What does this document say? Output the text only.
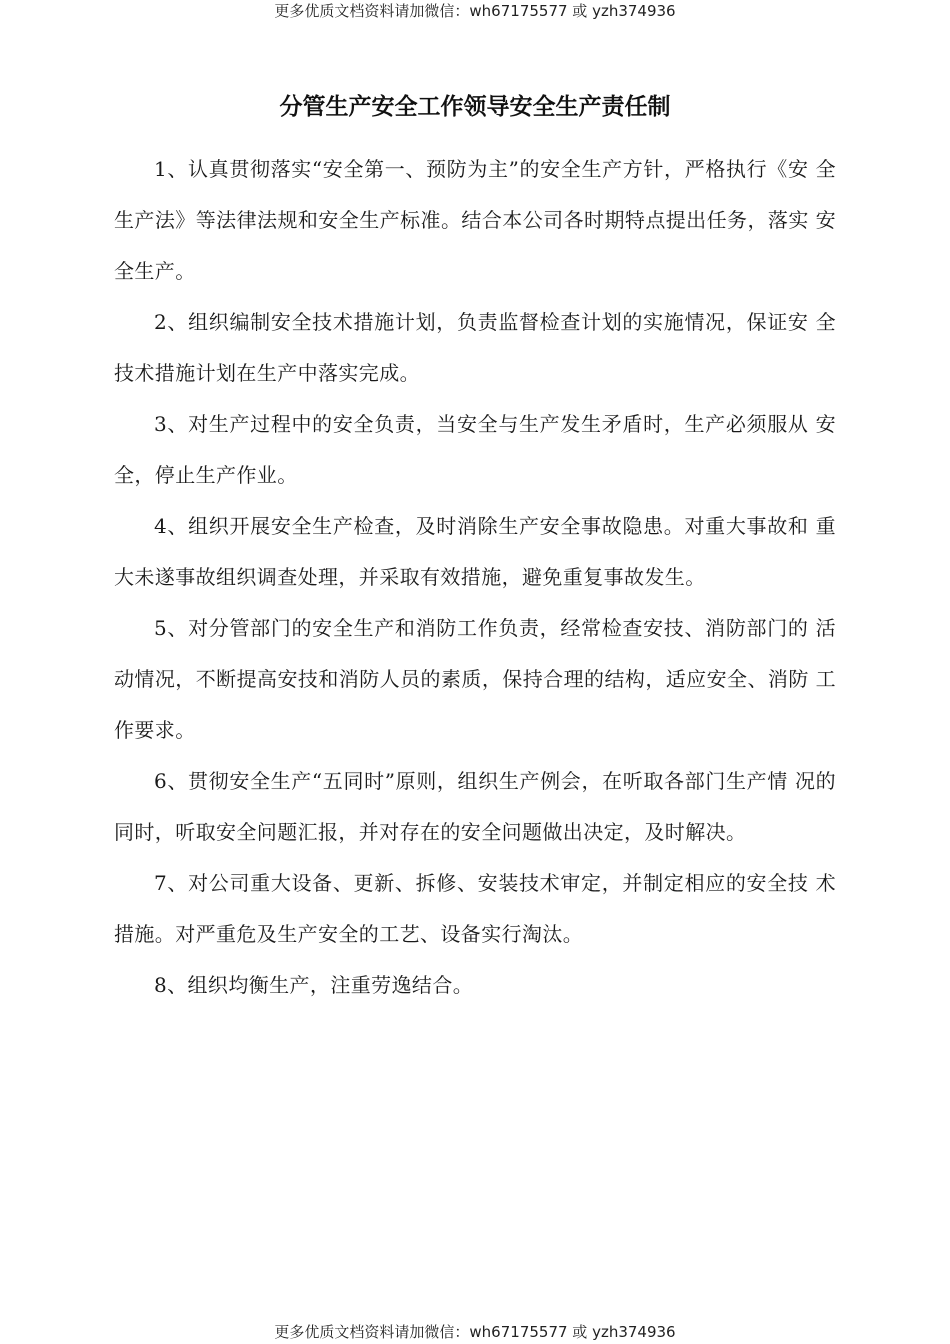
更多优质文档资料请加微信：wh67175577 或 yzh374936
分管生产安全工作领导安全生产责任制

1、认真贯彻落实“安全第一、预防为主”的安全生产方针，严格执行《安 全生产法》等法律法规和安全生产标准。结合本公司各时期特点提出任务，落实 安全生产。

2、组织编制安全技术措施计划，负责监督检查计划的实施情况，保证安 全技术措施计划在生产中落实完成。

3、对生产过程中的安全负责，当安全与生产发生矛盾时，生产必须服从 安全，停止生产作业。

4、组织开展安全生产检查，及时消除生产安全事故隐患。对重大事故和 重大未遂事故组织调查处理，并采取有效措施，避免重复事故发生。

5、对分管部门的安全生产和消防工作负责，经常检查安技、消防部门的 活动情况，不断提高安技和消防人员的素质，保持合理的结构，适应安全、消防 工作要求。

6、贯彻安全生产“五同时”原则，组织生产例会，在听取各部门生产情 况的同时，听取安全问题汇报，并对存在的安全问题做出决定，及时解决。

7、对公司重大设备、更新、拆修、安装技术审定，并制定相应的安全技 术措施。对严重危及生产安全的工艺、设备实行淘汰。

8、组织均衡生产，注重劳逸结合。

更多优质文档资料请加微信：wh67175577 或 yzh374936
